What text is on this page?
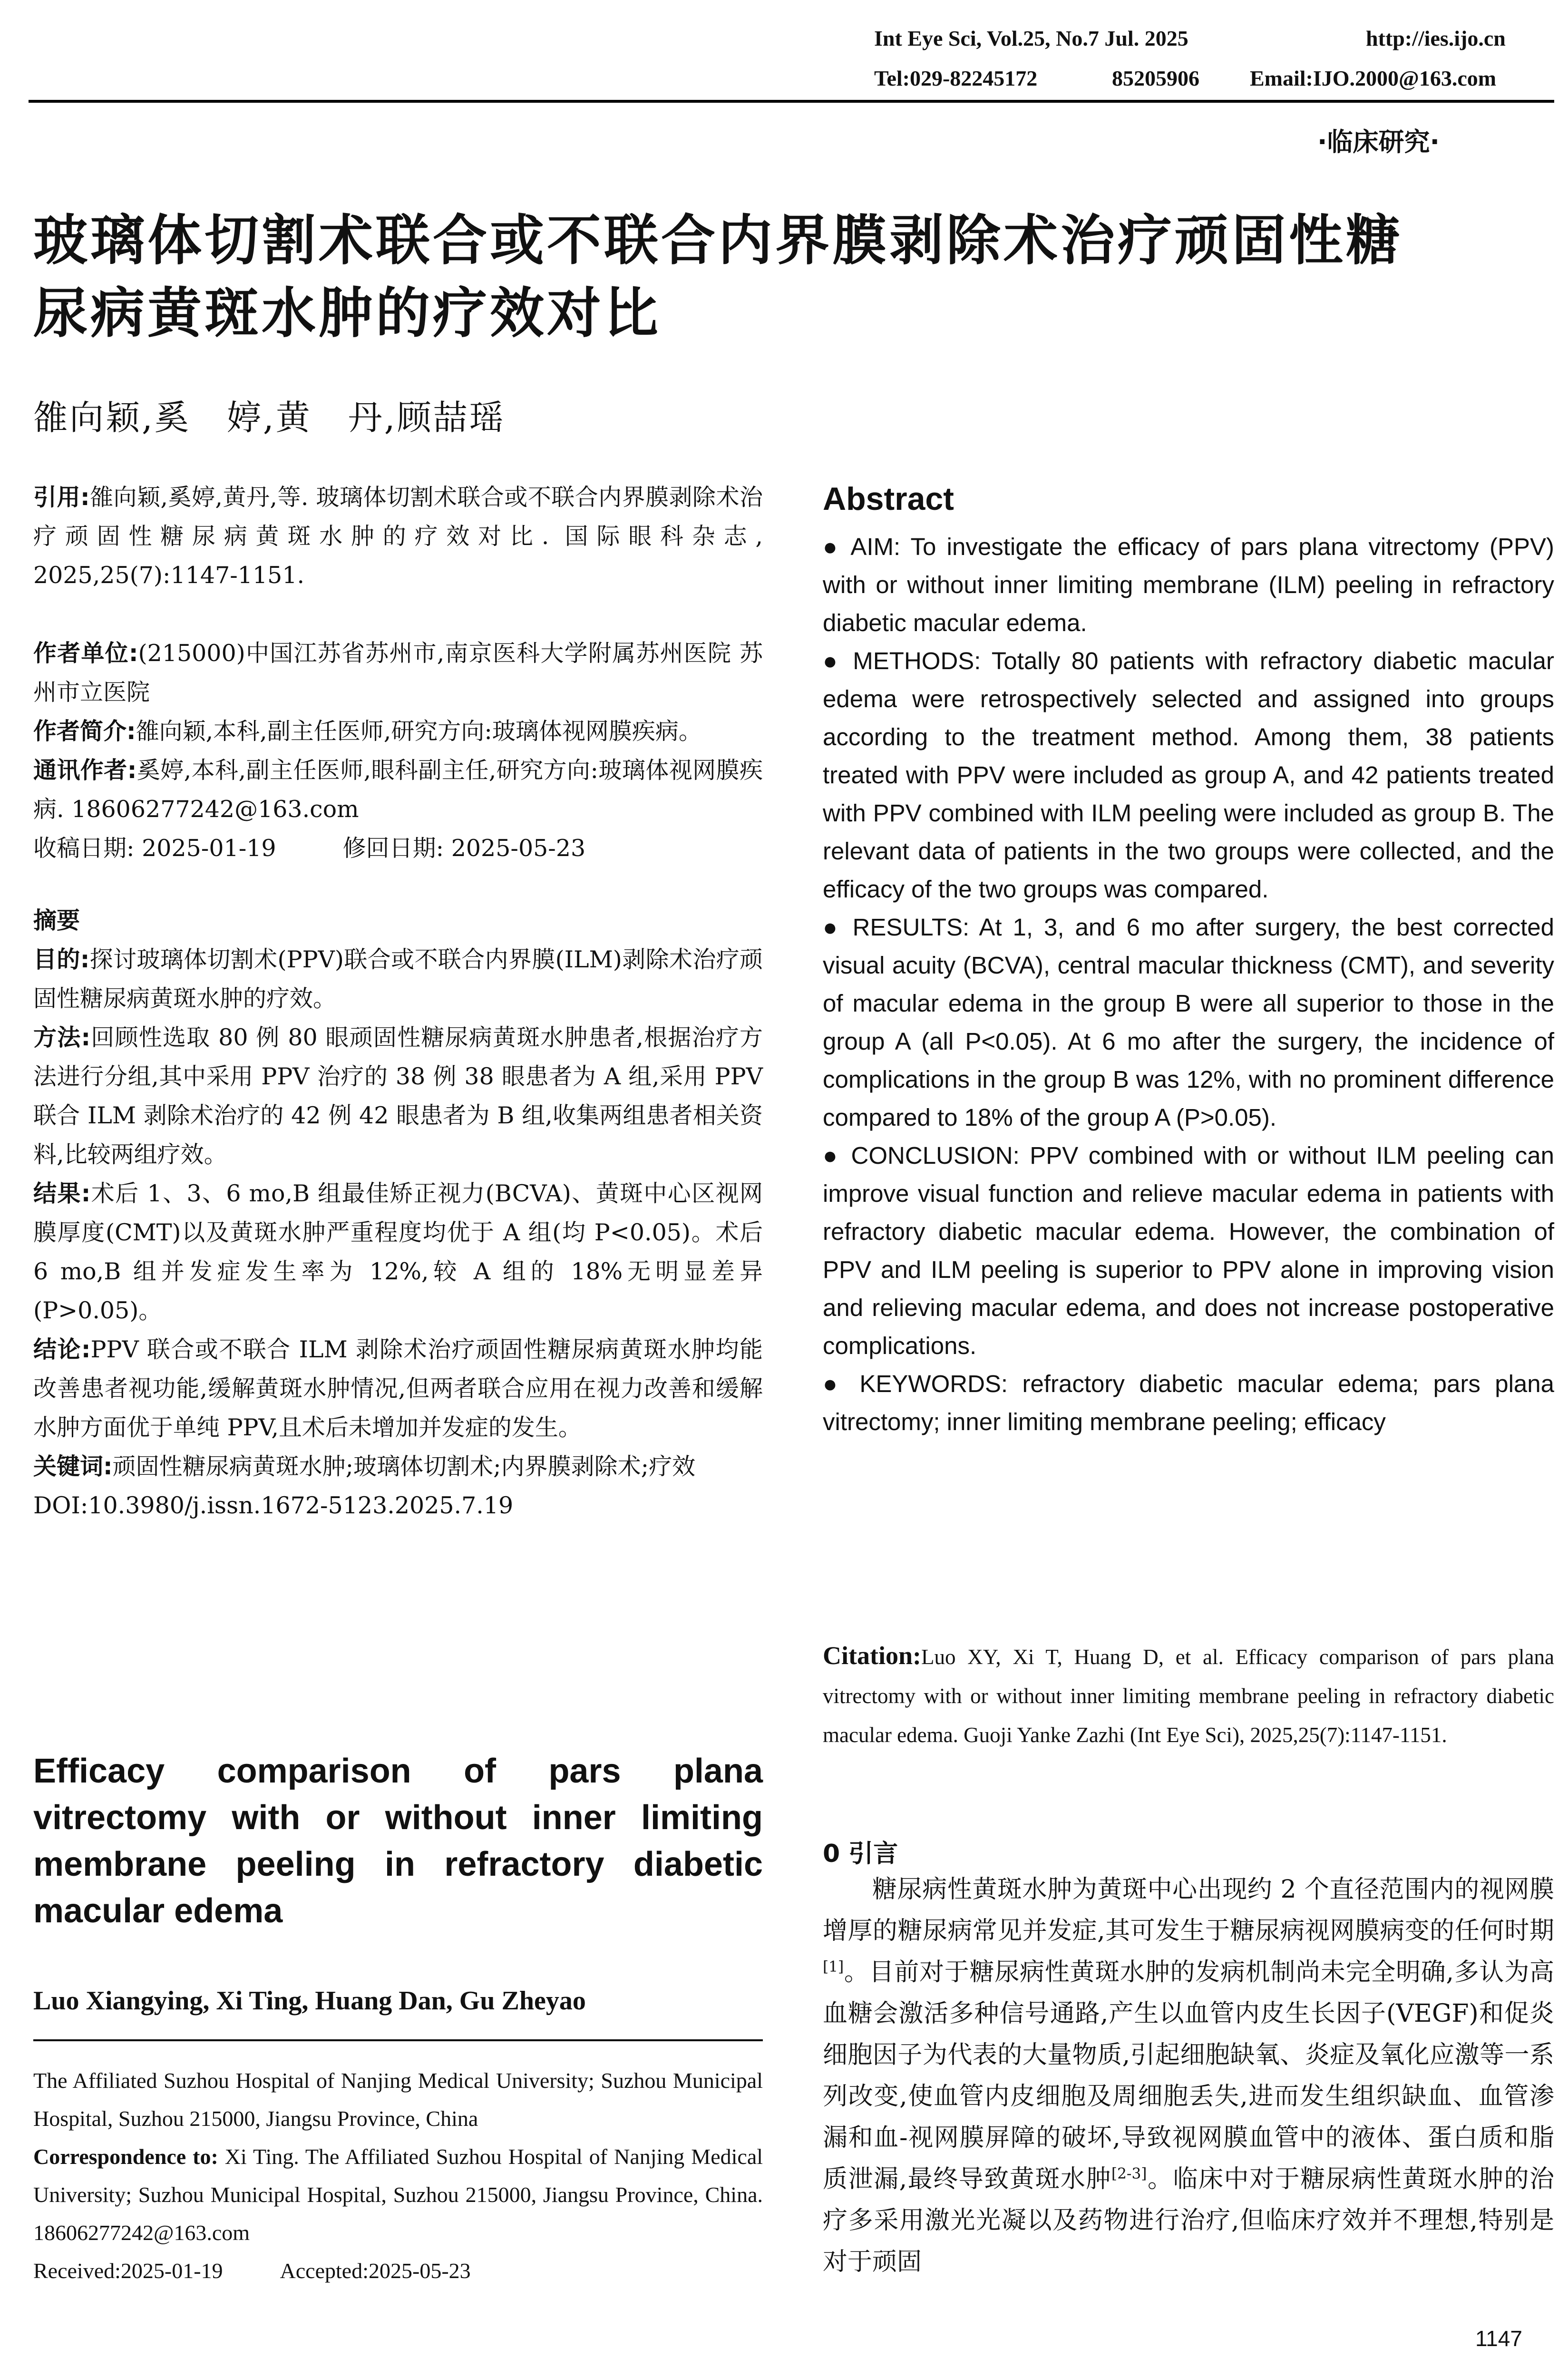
Int Eye Sci, Vol.25, No.7 Jul. 2025	http://ies.ijo.cn
Tel:029-82245172	85205906 Email:IJO.2000@163.com
·临床研究·
玻璃体切割术联合或不联合内界膜剥除术治疗顽固性糖
尿病黄斑水肿的疗效对比
雒向颖,奚　婷,黄　丹,顾喆瑶

引用:雒向颖,奚婷,黄丹,等. 玻璃体切割术联合或不联合内界膜剥除术治疗顽固性糖尿病黄斑水肿的疗效对比. 国际眼科杂志, 2025,25(7):1147-1151.

作者单位:(215000)中国江苏省苏州市,南京医科大学附属苏州医院 苏州市立医院

作者简介:雒向颖,本科,副主任医师,研究方向:玻璃体视网膜疾病。

通讯作者:奚婷,本科,副主任医师,眼科副主任,研究方向:玻璃体视网膜疾病. 18606277242@163.com

收稿日期: 2025-01-19	修回日期: 2025-05-23

摘要

目的:探讨玻璃体切割术(PPV)联合或不联合内界膜(ILM)剥除术治疗顽固性糖尿病黄斑水肿的疗效。

方法:回顾性选取 80 例 80 眼顽固性糖尿病黄斑水肿患者,根据治疗方法进行分组,其中采用 PPV 治疗的 38 例 38 眼患者为 A 组,采用 PPV 联合 ILM 剥除术治疗的 42 例 42 眼患者为 B 组,收集两组患者相关资料,比较两组疗效。

结果:术后 1、3、6 mo,B 组最佳矫正视力(BCVA)、黄斑中心区视网膜厚度(CMT)以及黄斑水肿严重程度均优于 A 组(均 P<0.05)。术后 6 mo,B 组并发症发生率为 12%,较 A 组的 18%无明显差异(P>0.05)。

结论:PPV 联合或不联合 ILM 剥除术治疗顽固性糖尿病黄斑水肿均能改善患者视功能,缓解黄斑水肿情况,但两者联合应用在视力改善和缓解水肿方面优于单纯 PPV,且术后未增加并发症的发生。

关键词:顽固性糖尿病黄斑水肿;玻璃体切割术;内界膜剥除术;疗效

DOI:10.3980/j.issn.1672-5123.2025.7.19

Efficacy comparison of pars plana vitrectomy with or without inner limiting membrane peeling in refractory diabetic macular edema
Luo Xiangying, Xi Ting, Huang Dan, Gu Zheyao

The Affiliated Suzhou Hospital of Nanjing Medical University; Suzhou Municipal Hospital, Suzhou 215000, Jiangsu Province, China

Correspondence to: Xi Ting. The Affiliated Suzhou Hospital of Nanjing Medical University; Suzhou Municipal Hospital, Suzhou 215000, Jiangsu Province, China. 18606277242@163.com

Received:2025-01-19	Accepted:2025-05-23

Abstract

● AIM: To investigate the efficacy of pars plana vitrectomy (PPV) with or without inner limiting membrane (ILM) peeling in refractory diabetic macular edema.

● METHODS: Totally 80 patients with refractory diabetic macular edema were retrospectively selected and assigned into groups according to the treatment method. Among them, 38 patients treated with PPV were included as group A, and 42 patients treated with PPV combined with ILM peeling were included as group B. The relevant data of patients in the two groups were collected, and the efficacy of the two groups was compared.

● RESULTS: At 1, 3, and 6 mo after surgery, the best corrected visual acuity (BCVA), central macular thickness (CMT), and severity of macular edema in the group B were all superior to those in the group A (all P<0.05). At 6 mo after the surgery, the incidence of complications in the group B was 12%, with no prominent difference compared to 18% of the group A (P>0.05).

● CONCLUSION: PPV combined with or without ILM peeling can improve visual function and relieve macular edema in patients with refractory diabetic macular edema. However, the combination of PPV and ILM peeling is superior to PPV alone in improving vision and relieving macular edema, and does not increase postoperative complications.

● KEYWORDS: refractory diabetic macular edema; pars plana vitrectomy; inner limiting membrane peeling; efficacy

Citation:Luo XY, Xi T, Huang D, et al. Efficacy comparison of pars plana vitrectomy with or without inner limiting membrane peeling in refractory diabetic macular edema. Guoji Yanke Zazhi (Int Eye Sci), 2025,25(7):1147-1151.

0 引言

糖尿病性黄斑水肿为黄斑中心出现约 2 个直径范围内的视网膜增厚的糖尿病常见并发症,其可发生于糖尿病视网膜病变的任何时期[1]。目前对于糖尿病性黄斑水肿的发病机制尚未完全明确,多认为高血糖会激活多种信号通路,产生以血管内皮生长因子(VEGF)和促炎细胞因子为代表的大量物质,引起细胞缺氧、炎症及氧化应激等一系列改变,使血管内皮细胞及周细胞丢失,进而发生组织缺血、血管渗漏和血-视网膜屏障的破坏,导致视网膜血管中的液体、蛋白质和脂质泄漏,最终导致黄斑水肿[2-3]。临床中对于糖尿病性黄斑水肿的治疗多采用激光光凝以及药物进行治疗,但临床疗效并不理想,特别是对于顽固

1147
